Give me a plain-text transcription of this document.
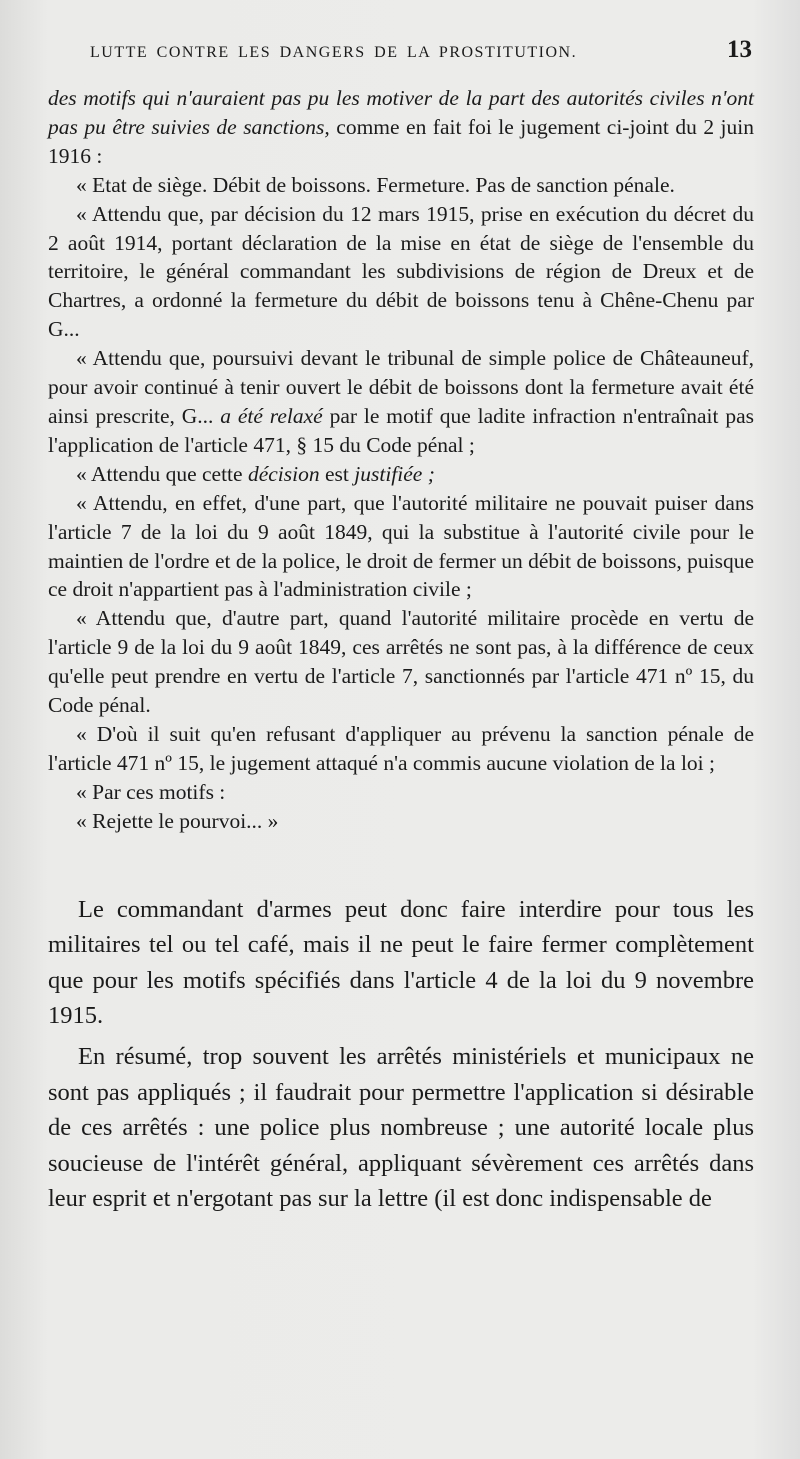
LUTTE CONTRE LES DANGERS DE LA PROSTITUTION.	13

des motifs qui n'auraient pas pu les motiver de la part des autorités civiles n'ont pas pu être suivies de sanctions, comme en fait foi le jugement ci-joint du 2 juin 1916 :

« Etat de siège. Débit de boissons. Fermeture. Pas de sanction pénale.

« Attendu que, par décision du 12 mars 1915, prise en exécution du décret du 2 août 1914, portant déclaration de la mise en état de siège de l'ensemble du territoire, le général commandant les subdivisions de région de Dreux et de Chartres, a ordonné la fermeture du débit de boissons tenu à Chêne-Chenu par G...

« Attendu que, poursuivi devant le tribunal de simple police de Châteauneuf, pour avoir continué à tenir ouvert le débit de boissons dont la fermeture avait été ainsi prescrite, G... a été relaxé par le motif que ladite infraction n'entraînait pas l'application de l'article 471, § 15 du Code pénal ;

« Attendu que cette décision est justifiée ;

« Attendu, en effet, d'une part, que l'autorité militaire ne pouvait puiser dans l'article 7 de la loi du 9 août 1849, qui la substitue à l'autorité civile pour le maintien de l'ordre et de la police, le droit de fermer un débit de boissons, puisque ce droit n'appartient pas à l'administration civile ;

« Attendu que, d'autre part, quand l'autorité militaire procède en vertu de l'article 9 de la loi du 9 août 1849, ces arrêtés ne sont pas, à la différence de ceux qu'elle peut prendre en vertu de l'article 7, sanctionnés par l'article 471 nº 15, du Code pénal.

« D'où il suit qu'en refusant d'appliquer au prévenu la sanction pénale de l'article 471 nº 15, le jugement attaqué n'a commis aucune violation de la loi ;

« Par ces motifs :

« Rejette le pourvoi... »

Le commandant d'armes peut donc faire interdire pour tous les militaires tel ou tel café, mais il ne peut le faire fermer complètement que pour les motifs spécifiés dans l'article 4 de la loi du 9 novembre 1915.

En résumé, trop souvent les arrêtés ministériels et municipaux ne sont pas appliqués ; il faudrait pour permettre l'application si désirable de ces arrêtés : une police plus nombreuse ; une autorité locale plus soucieuse de l'intérêt général, appliquant sévèrement ces arrêtés dans leur esprit et n'ergotant pas sur la lettre (il est donc indispensable de
